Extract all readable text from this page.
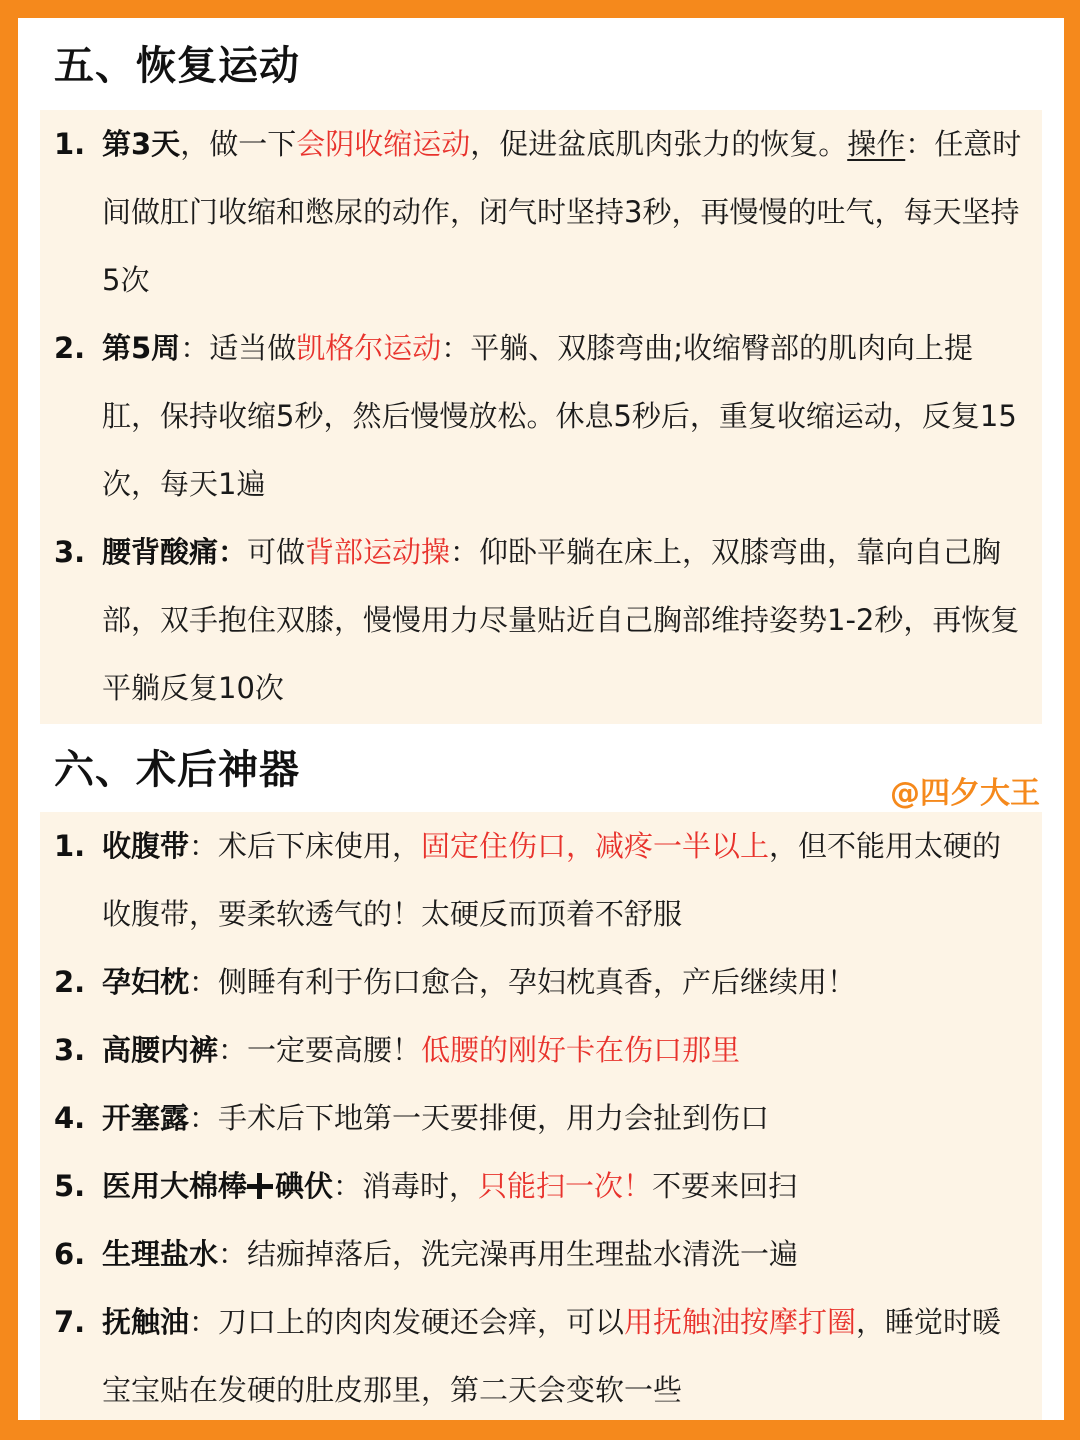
五、恢复运动
1. 第3天，做一下会阴收缩运动，促进盆底肌肉张力的恢复。操作：任意时间做肛门收缩和憋尿的动作，闭气时坚持3秒，再慢慢的吐气，每天坚持5次
2. 第5周：适当做凯格尔运动：平躺、双膝弯曲;收缩臀部的肌肉向上提肛，保持收缩5秒，然后慢慢放松。休息5秒后，重复收缩运动，反复15次，每天1遍
3. 腰背酸痛：可做背部运动操：仰卧平躺在床上，双膝弯曲，靠向自己胸部，双手抱住双膝，慢慢用力尽量贴近自己胸部维持姿势1-2秒，再恢复平躺反复10次
六、术后神器
@四夕大王
1. 收腹带：术后下床使用，固定住伤口，减疼一半以上，但不能用太硬的收腹带，要柔软透气的！太硬反而顶着不舒服
2. 孕妇枕：侧睡有利于伤口愈合，孕妇枕真香，产后继续用！
3. 高腰内裤：一定要高腰！低腰的刚好卡在伤口那里
4. 开塞露：手术后下地第一天要排便，用力会扯到伤口
5. 医用大棉棒 碘伏：消毒时，只能扫一次！不要来回扫
6. 生理盐水：结痂掉落后，洗完澡再用生理盐水清洗一遍
7. 抚触油：刀口上的肉肉发硬还会痒，可以用抚触油按摩打圈，睡觉时暖宝宝贴在发硬的肚皮那里，第二天会变软一些
